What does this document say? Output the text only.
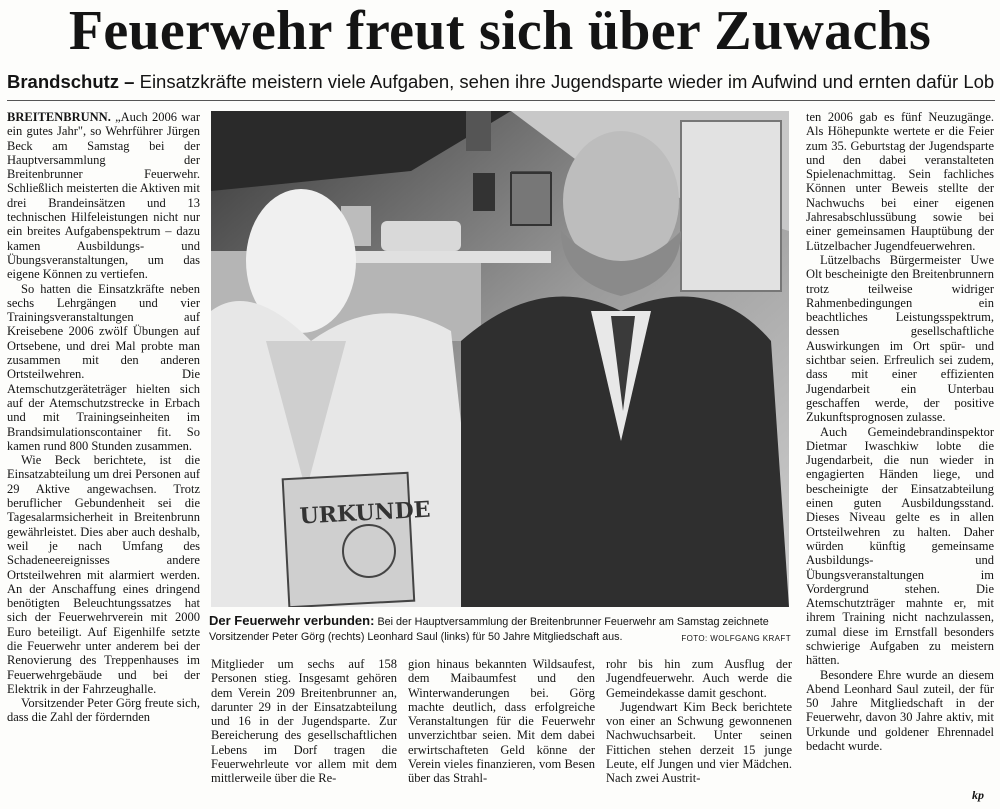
Feuerwehr freut sich über Zuwachs
Brandschutz – Einsatzkräfte meistern viele Aufgaben, sehen ihre Jugendsparte wieder im Aufwind und ernten dafür Lob

BREITENBRUNN. „Auch 2006 war ein gutes Jahr", so Wehrführer Jürgen Beck am Samstag bei der Hauptversammlung der Breitenbrunner Feuerwehr. Schließlich meisterten die Aktiven mit drei Brandeinsätzen und 13 technischen Hilfeleistungen nicht nur ein breites Aufgabenspektrum – dazu kamen Ausbildungs- und Übungsveranstaltungen, um das eigene Können zu vertiefen.

So hatten die Einsatzkräfte neben sechs Lehrgängen und vier Trainingsveranstaltungen auf Kreisebene 2006 zwölf Übungen auf Ortsebene, und drei Mal probte man zusammen mit den anderen Ortsteilwehren. Die Atemschutzgeräteträger hielten sich auf der Atemschutzstrecke in Erbach und mit Trainingseinheiten im Brandsimulationscontainer fit. So kamen rund 800 Stunden zusammen.

Wie Beck berichtete, ist die Einsatzabteilung um drei Personen auf 29 Aktive angewachsen. Trotz beruflicher Gebundenheit sei die Tagesalarmsicherheit in Breitenbrunn gewährleistet. Dies aber auch deshalb, weil je nach Umfang des Schadeneereignisses andere Ortsteilwehren mit alarmiert werden. An der Anschaffung eines dringend benötigten Beleuchtungssatzes hat sich der Feuerwehrverein mit 2000 Euro beteiligt. Auf Eigenhilfe setzte die Feuerwehr unter anderem bei der Renovierung des Treppenhauses im Feuerwehrgebäude und bei der Elektrik in der Fahrzeughalle.

Vorsitzender Peter Görg freute sich, dass die Zahl der fördernden

URKUNDE
Der Feuerwehr verbunden: Bei der Hauptversammlung der Breitenbrunner Feuerwehr am Samstag zeichnete Vorsitzender Peter Görg (rechts) Leonhard Saul (links) für 50 Jahre Mitgliedschaft aus.	FOTO: WOLFGANG KRAFT

Mitglieder um sechs auf 158 Personen stieg. Insgesamt gehören dem Verein 209 Breitenbrunner an, darunter 29 in der Einsatzabteilung und 16 in der Jugendsparte. Zur Bereicherung des gesellschaftlichen Lebens im Dorf tragen die Feuerwehrleute vor allem mit dem mittlerweile über die Re-

gion hinaus bekannten Wildsaufest, dem Maibaumfest und den Winterwanderungen bei. Görg machte deutlich, dass erfolgreiche Veranstaltungen für die Feuerwehr unverzichtbar seien. Mit dem dabei erwirtschafteten Geld könne der Verein vieles finanzieren, vom Besen über das Strahl-

rohr bis hin zum Ausflug der Jugendfeuerwehr. Auch werde die Gemeindekasse damit geschont.

Jugendwart Kim Beck berichtete von einer an Schwung gewonnenen Nachwuchsarbeit. Unter seinen Fittichen stehen derzeit 15 junge Leute, elf Jungen und vier Mädchen. Nach zwei Austrit-

ten 2006 gab es fünf Neuzugänge. Als Höhepunkte wertete er die Feier zum 35. Geburtstag der Jugendsparte und den dabei veranstalteten Spielenachmittag. Sein fachliches Können unter Beweis stellte der Nachwuchs bei einer eigenen Jahresabschlussübung sowie bei einer gemeinsamen Hauptübung der Lützelbacher Jugendfeuerwehren.

Lützelbachs Bürgermeister Uwe Olt bescheinigte den Breitenbrunnern trotz teilweise widriger Rahmenbedingungen ein beachtliches Leistungsspektrum, dessen gesellschaftliche Auswirkungen im Ort spür- und sichtbar seien. Erfreulich sei zudem, dass mit einer effizienten Jugendarbeit ein Unterbau geschaffen werde, der positive Zukunftsprognosen zulasse.

Auch Gemeindebrandinspektor Dietmar Iwaschkiw lobte die Jugendarbeit, die nun wieder in engagierten Händen liege, und bescheinigte der Einsatzabteilung einen guten Ausbildungsstand. Dieses Niveau gelte es in allen Ortsteilwehren zu halten. Daher würden künftig gemeinsame Ausbildungs- und Übungsveranstaltungen im Vordergrund stehen. Die Atemschutzträger mahnte er, mit ihrem Training nicht nachzulassen, zumal diese im Ernstfall besonders schwierige Aufgaben zu meistern hätten.

Besondere Ehre wurde an diesem Abend Leonhard Saul zuteil, der für 50 Jahre Mitgliedschaft in der Feuerwehr, davon 30 Jahre aktiv, mit Urkunde und goldener Ehrennadel bedacht wurde.

kp
